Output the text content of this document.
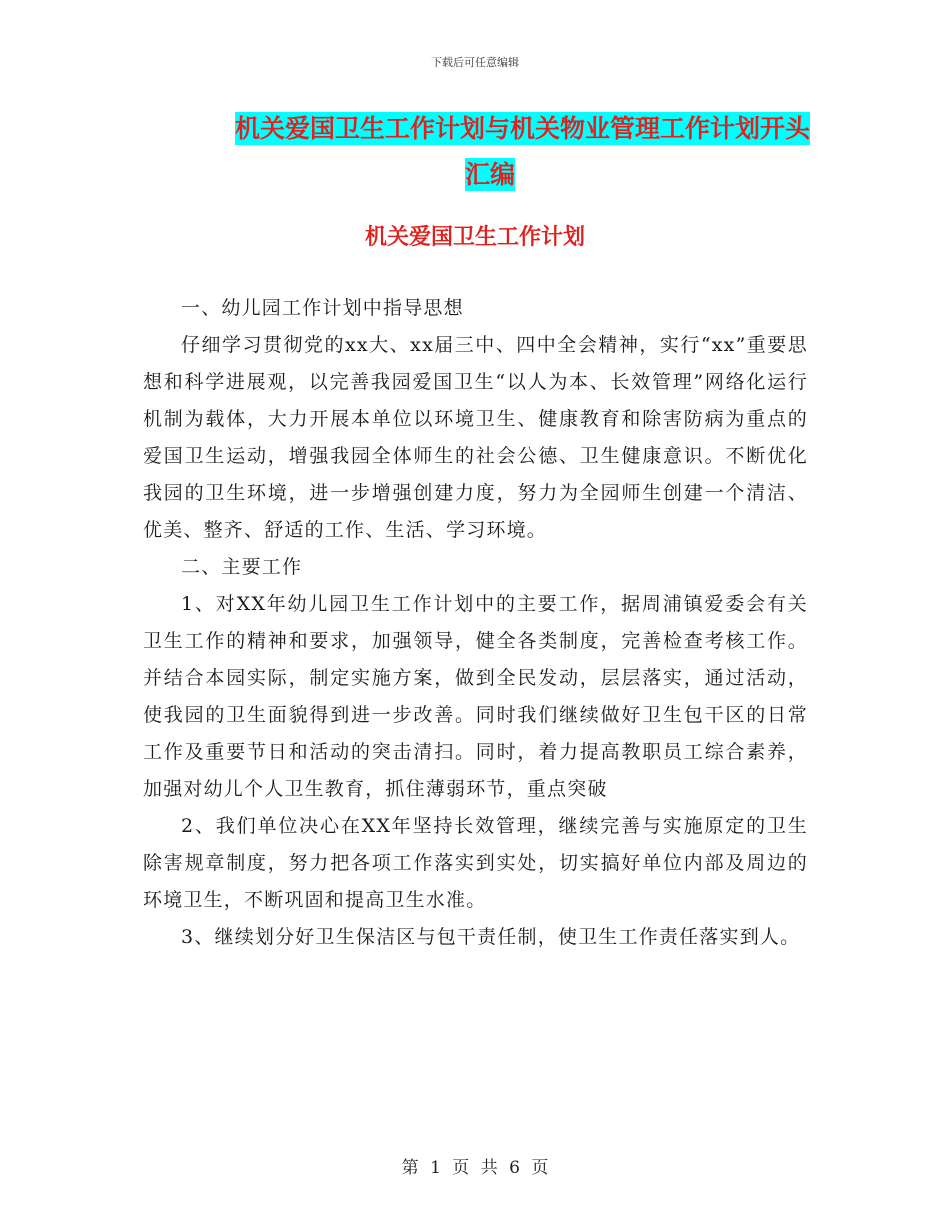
下载后可任意编辑
机关爱国卫生工作计划与机关物业管理工作计划开头
汇编
机关爱国卫生工作计划

一、幼儿园工作计划中指导思想

仔细学习贯彻党的xx大、xx届三中、四中全会精神，实行“xx”重要思想和科学进展观，以完善我园爱国卫生“以人为本、长效管理”网络化运行机制为载体，大力开展本单位以环境卫生、健康教育和除害防病为重点的爱国卫生运动，增强我园全体师生的社会公德、卫生健康意识。不断优化我园的卫生环境，进一步增强创建力度，努力为全园师生创建一个清洁、优美、整齐、舒适的工作、生活、学习环境。

二、主要工作

1、对XX年幼儿园卫生工作计划中的主要工作，据周浦镇爱委会有关卫生工作的精神和要求，加强领导，健全各类制度，完善检查考核工作。并结合本园实际，制定实施方案，做到全民发动，层层落实，通过活动，使我园的卫生面貌得到进一步改善。同时我们继续做好卫生包干区的日常工作及重要节日和活动的突击清扫。同时，着力提高教职员工综合素养，加强对幼儿个人卫生教育，抓住薄弱环节，重点突破

2、我们单位决心在XX年坚持长效管理，继续完善与实施原定的卫生除害规章制度，努力把各项工作落实到实处，切实搞好单位内部及周边的环境卫生，不断巩固和提高卫生水准。

3、继续划分好卫生保洁区与包干责任制，使卫生工作责任落实到人。

第 1 页 共 6 页
